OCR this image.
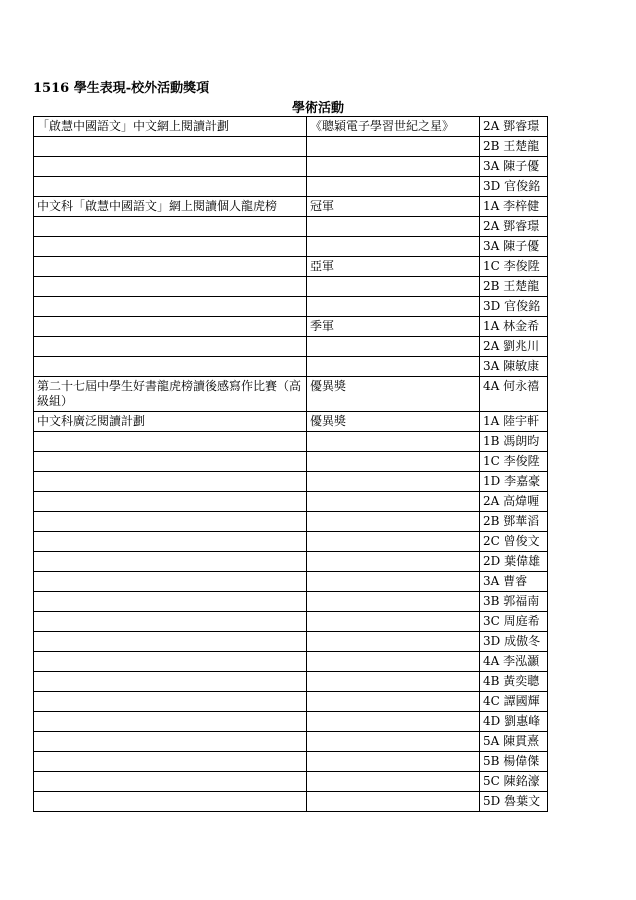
1516 學生表現-校外活動獎項
學術活動
「啟慧中國語文」中文網上閱讀計劃	《聰穎電子學習世紀之星》	2A 鄧睿璟
		2B 王楚龍
		3A 陳子優
		3D 官俊銘
中文科「啟慧中國語文」網上閱讀個人龍虎榜	冠軍	1A 李梓健
		2A 鄧睿璟
		3A 陳子優
	亞軍	1C 李俊陞
		2B 王楚龍
		3D 官俊銘
	季軍	1A 林金希
		2A 劉兆川
		3A 陳敏康
第二十七屆中學生好書龍虎榜讀後感寫作比賽（高級組）	優異獎	4A 何永禧
中文科廣泛閱讀計劃	優異獎	1A 陸宇軒
		1B 馮朗昀
		1C 李俊陞
		1D 李嘉豪
		2A 高煒喱
		2B 鄧華滔
		2C 曾俊文
		2D 葉偉雄
		3A 曹睿
		3B 郭福南
		3C 周庭希
		3D 成傲冬
		4A 李泓灝
		4B 黃奕聰
		4C 譚國輝
		4D 劉惠峰
		5A 陳貫熹
		5B 楊偉傑
		5C 陳銘濠
		5D 魯葉文
